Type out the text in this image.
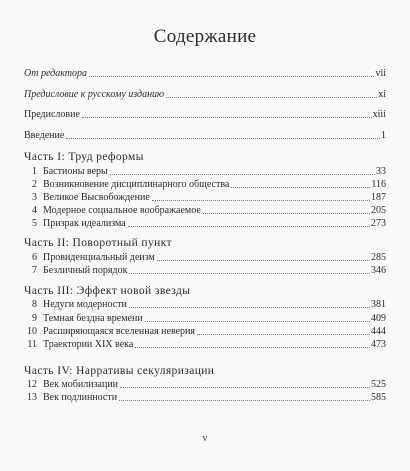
Содержание
От редактора	vii
Предисловие к русскому изданию	xi
Предисловие	xiii
Введение	1
Часть I: Труд реформы
1 Бастионы веры	33
2 Возникновение дисциплинарного общества	116
3 Великое Высвобождение	187
4 Модерное социальное воображаемое	205
5 Призрак идеализма	273
Часть II: Поворотный пункт
6 Провиденциальный деизм	285
7 Безличный порядок	346
Часть III: Эффект новой звезды
8 Недуги модерности	381
9 Темная бездна времени	409
10 Расширяющаяся вселенная неверия	444
11 Траектории XIX века	473
Часть IV: Нарративы секуляризации
12 Век мобилизации	525
13 Век подлинности	585
v
